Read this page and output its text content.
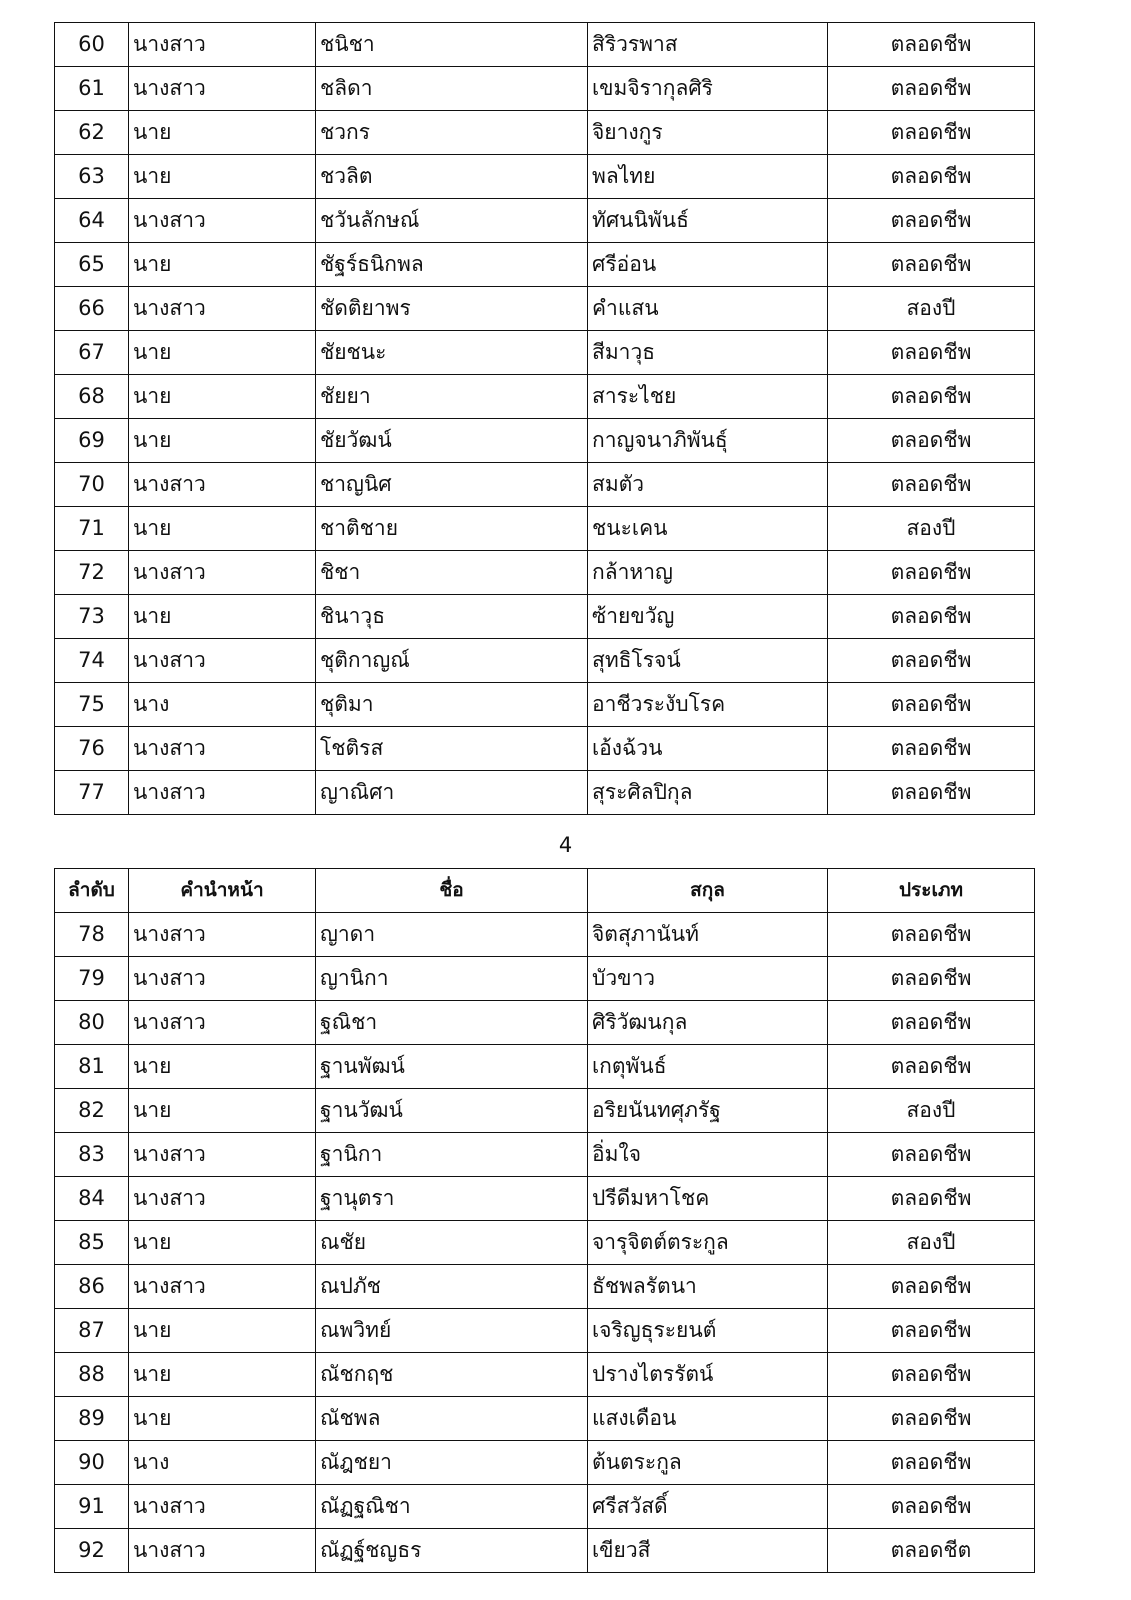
60	นางสาว	ชนิชา	สิริวรพาส	ตลอดชีพ
61	นางสาว	ชลิดา	เขมจิรากุลศิริ	ตลอดชีพ
62	นาย	ชวกร	จิยางกูร	ตลอดชีพ
63	นาย	ชวลิต	พลไทย	ตลอดชีพ
64	นางสาว	ชวันลักษณ์	ทัศนนิพันธ์	ตลอดชีพ
65	นาย	ชัฐร์ธนิกพล	ศรีอ่อน	ตลอดชีพ
66	นางสาว	ชัดติยาพร	คำแสน	สองปี
67	นาย	ชัยชนะ	สีมาวุธ	ตลอดชีพ
68	นาย	ชัยยา	สาระไชย	ตลอดชีพ
69	นาย	ชัยวัฒน์	กาญจนาภิพันธุ์	ตลอดชีพ
70	นางสาว	ชาญนิศ	สมตัว	ตลอดชีพ
71	นาย	ชาติชาย	ชนะเคน	สองปี
72	นางสาว	ชิชา	กล้าหาญ	ตลอดชีพ
73	นาย	ชินาวุธ	ซ้ายขวัญ	ตลอดชีพ
74	นางสาว	ชุติกาญณ์	สุทธิโรจน์	ตลอดชีพ
75	นาง	ชุติมา	อาชีวระงับโรค	ตลอดชีพ
76	นางสาว	โชติรส	เอ้งฉ้วน	ตลอดชีพ
77	นางสาว	ญาณิศา	สุระศิลปิกุล	ตลอดชีพ
4
ลำดับ	คำนำหน้า	ชื่อ	สกุล	ประเภท
78	นางสาว	ญาดา	จิตสุภานันท์	ตลอดชีพ
79	นางสาว	ญานิกา	บัวขาว	ตลอดชีพ
80	นางสาว	ฐณิชา	ศิริวัฒนกุล	ตลอดชีพ
81	นาย	ฐานพัฒน์	เกตุพันธ์	ตลอดชีพ
82	นาย	ฐานวัฒน์	อริยนันทศุภรัฐ	สองปี
83	นางสาว	ฐานิกา	อิ่มใจ	ตลอดชีพ
84	นางสาว	ฐานุตรา	ปรีดีมหาโชค	ตลอดชีพ
85	นาย	ณชัย	จารุจิตต์ตระกูล	สองปี
86	นางสาว	ณปภัช	ธัชพลรัตนา	ตลอดชีพ
87	นาย	ณพวิทย์	เจริญธุระยนต์	ตลอดชีพ
88	นาย	ณัชกฤช	ปรางไตรรัตน์	ตลอดชีพ
89	นาย	ณัชพล	แสงเดือน	ตลอดชีพ
90	นาง	ณัฎชยา	ต้นตระกูล	ตลอดชีพ
91	นางสาว	ณัฏฐณิชา	ศรีสวัสดิ์	ตลอดชีพ
92	นางสาว	ณัฏฐ์ชญธร	เขียวสี	ตลอดชีต
